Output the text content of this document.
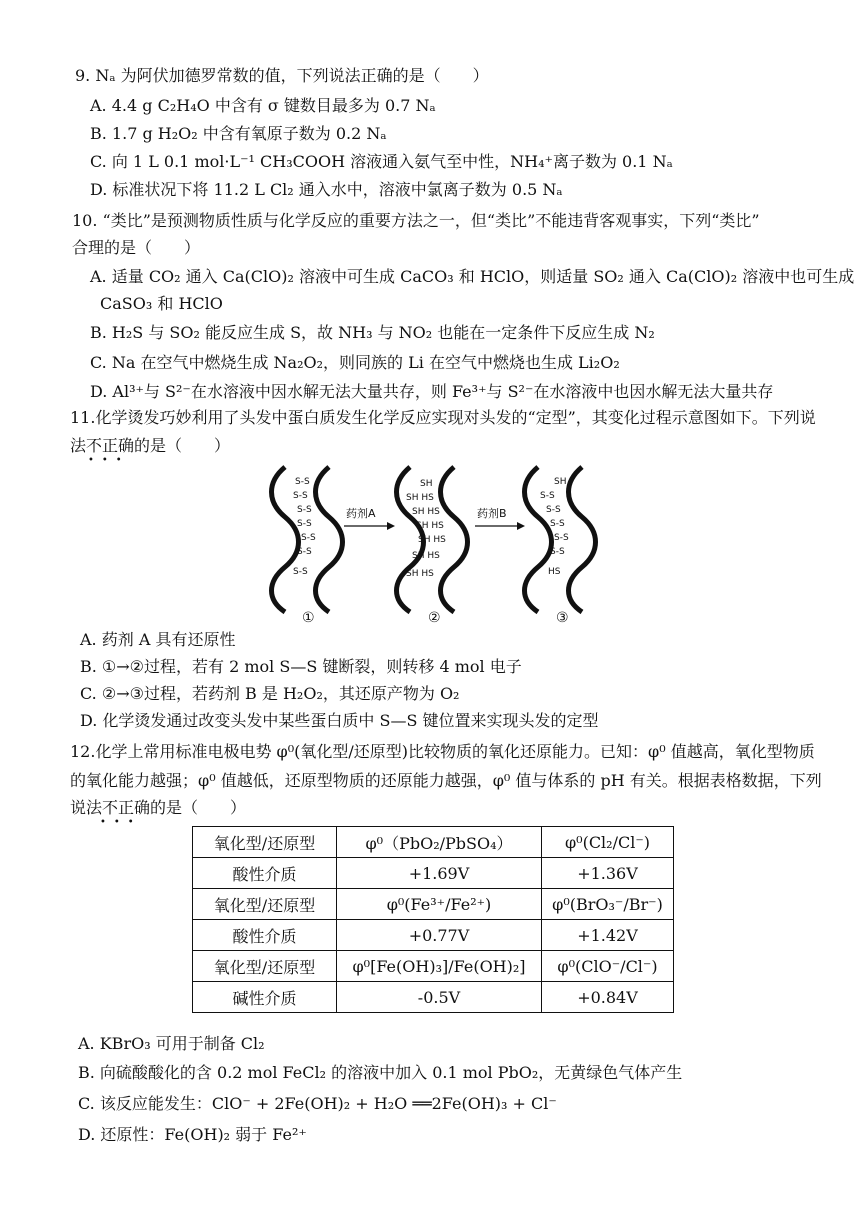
9. Nₐ 为阿伏加德罗常数的值，下列说法正确的是（　　）
A. 4.4 g C₂H₄O 中含有 σ 键数目最多为 0.7 Nₐ
B. 1.7 g H₂O₂ 中含有氧原子数为 0.2 Nₐ
C. 向 1 L 0.1 mol·L⁻¹ CH₃COOH 溶液通入氨气至中性，NH₄⁺离子数为 0.1 Nₐ
D. 标准状况下将 11.2 L Cl₂ 通入水中，溶液中氯离子数为 0.5 Nₐ
10. “类比”是预测物质性质与化学反应的重要方法之一，但“类比”不能违背客观事实，下列“类比”
合理的是（　　）
A. 适量 CO₂ 通入 Ca(ClO)₂ 溶液中可生成 CaCO₃ 和 HClO，则适量 SO₂ 通入 Ca(ClO)₂ 溶液中也可生成
CaSO₃ 和 HClO
B. H₂S 与 SO₂ 能反应生成 S，故 NH₃ 与 NO₂ 也能在一定条件下反应生成 N₂
C. Na 在空气中燃烧生成 Na₂O₂，则同族的 Li 在空气中燃烧也生成 Li₂O₂
D. Al³⁺与 S²⁻在水溶液中因水解无法大量共存，则 Fe³⁺与 S²⁻在水溶液中也因水解无法大量共存
11.化学烫发巧妙利用了头发中蛋白质发生化学反应实现对头发的“定型”，其变化过程示意图如下。下列说
法不正确的是（　　）
•••
S-S
S-S
S-S
S-S
S-S
S-S
S-S
药剂A
SH
SH HS
SH HS
SH HS
SH HS
SH HS
SH HS
药剂B
SH
S-S
S-S
S-S
S-S
S-S
HS
①	②	③
A. 药剂 A 具有还原性
B. ①→②过程，若有 2 mol S—S 键断裂，则转移 4 mol 电子
C. ②→③过程，若药剂 B 是 H₂O₂，其还原产物为 O₂
D. 化学烫发通过改变头发中某些蛋白质中 S—S 键位置来实现头发的定型
12.化学上常用标准电极电势 φ⁰(氧化型/还原型)比较物质的氧化还原能力。已知：φ⁰ 值越高，氧化型物质
的氧化能力越强；φ⁰ 值越低，还原型物质的还原能力越强，φ⁰ 值与体系的 pH 有关。根据表格数据，下列
说法不正确的是（　　）
•••
氧化型/还原型	φ⁰（PbO₂/PbSO₄）	φ⁰(Cl₂/Cl⁻)
酸性介质	+1.69V	+1.36V
氧化型/还原型	φ⁰(Fe³⁺/Fe²⁺)	φ⁰(BrO₃⁻/Br⁻)
酸性介质	+0.77V	+1.42V
氧化型/还原型	φ⁰[Fe(OH)₃]/Fe(OH)₂]	φ⁰(ClO⁻/Cl⁻)
碱性介质	-0.5V	+0.84V
A. KBrO₃ 可用于制备 Cl₂
B. 向硫酸酸化的含 0.2 mol FeCl₂ 的溶液中加入 0.1 mol PbO₂，无黄绿色气体产生
C. 该反应能发生：ClO⁻ + 2Fe(OH)₂ + H₂O ══2Fe(OH)₃ + Cl⁻
D. 还原性：Fe(OH)₂ 弱于 Fe²⁺
